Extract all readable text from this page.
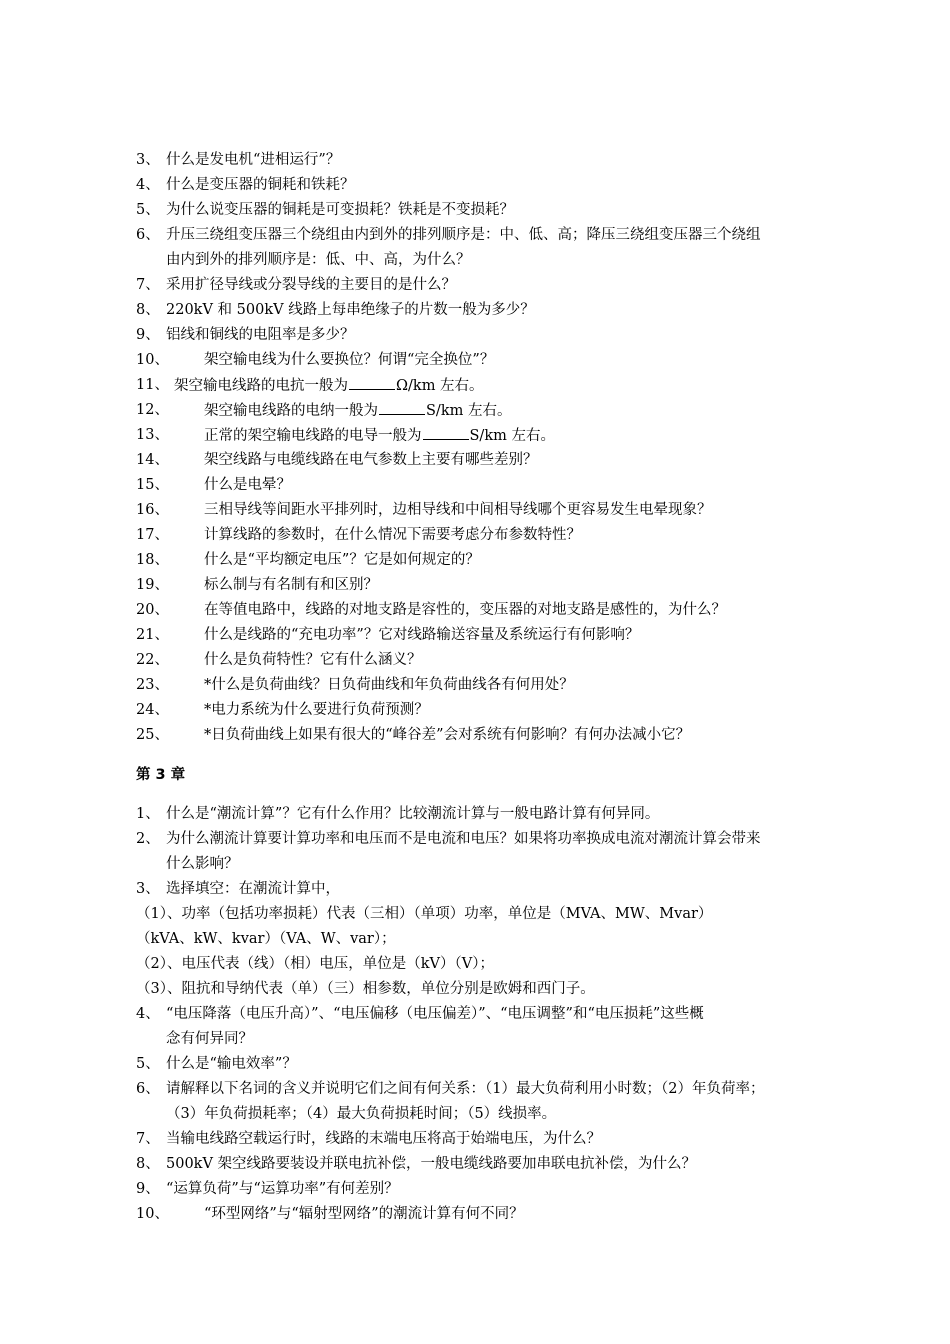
3、 什么是发电机“进相运行”？
4、 什么是变压器的铜耗和铁耗？
5、 为什么说变压器的铜耗是可变损耗？铁耗是不变损耗？
6、 升压三绕组变压器三个绕组由内到外的排列顺序是：中、低、高；降压三绕组变压器三个绕组
由内到外的排列顺序是：低、中、高，为什么？
7、 采用扩径导线或分裂导线的主要目的是什么？
8、 220kV 和 500kV 线路上每串绝缘子的片数一般为多少？
9、 铝线和铜线的电阻率是多少？
10、 架空输电线为什么要换位？何谓“完全换位”？
11、 架空输电线路的电抗一般为	Ω/km 左右。
12、 架空输电线路的电纳一般为	S/km 左右。
13、 正常的架空输电线路的电导一般为	S/km 左右。
14、 架空线路与电缆线路在电气参数上主要有哪些差别？
15、 什么是电晕？
16、 三相导线等间距水平排列时，边相导线和中间相导线哪个更容易发生电晕现象？
17、 计算线路的参数时，在什么情况下需要考虑分布参数特性？
18、 什么是“平均额定电压”？它是如何规定的？
19、 标么制与有名制有和区别？
20、 在等值电路中，线路的对地支路是容性的，变压器的对地支路是感性的，为什么？
21、 什么是线路的“充电功率”？它对线路输送容量及系统运行有何影响？
22、 什么是负荷特性？它有什么涵义？
23、 *什么是负荷曲线？日负荷曲线和年负荷曲线各有何用处？
24、 *电力系统为什么要进行负荷预测？
25、 *日负荷曲线上如果有很大的“峰谷差”会对系统有何影响？有何办法减小它？
第 3 章
1、 什么是“潮流计算”？它有什么作用？比较潮流计算与一般电路计算有何异同。
2、 为什么潮流计算要计算功率和电压而不是电流和电压？如果将功率换成电流对潮流计算会带来
什么影响？
3、 选择填空：在潮流计算中，
（1）、功率（包括功率损耗）代表（三相）（单项）功率，单位是（MVA、MW、Mvar）
（kVA、kW、kvar）（VA、W、var）；
（2）、电压代表（线）（相）电压，单位是（kV）（V）；
（3）、阻抗和导纳代表（单）（三）相参数，单位分别是欧姆和西门子。
4、 “电压降落（电压升高）”、“电压偏移（电压偏差）”、“电压调整”和“电压损耗”这些概
念有何异同？
5、 什么是“输电效率”？
6、 请解释以下名词的含义并说明它们之间有何关系：（1）最大负荷利用小时数；（2）年负荷率；
（3）年负荷损耗率；（4）最大负荷损耗时间；（5）线损率。
7、 当输电线路空载运行时，线路的末端电压将高于始端电压，为什么？
8、 500kV 架空线路要装设并联电抗补偿，一般电缆线路要加串联电抗补偿，为什么？
9、 “运算负荷”与“运算功率”有何差别？
10、 “环型网络”与“辐射型网络”的潮流计算有何不同？
